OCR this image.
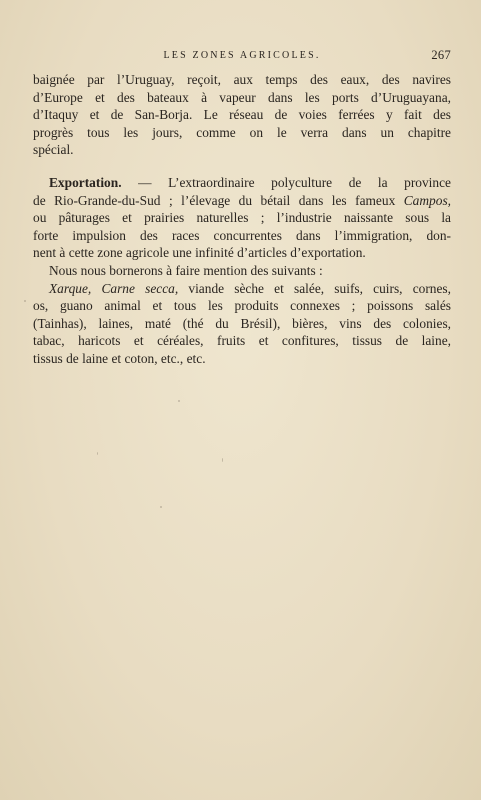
LES ZONES AGRICOLES.	267
baignée par l’Uruguay, reçoit, aux temps des eaux, des navires
d’Europe et des bateaux à vapeur dans les ports d’Uruguayana,
d’Itaquy et de San-Borja. Le réseau de voies ferrées y fait des
progrès tous les jours, comme on le verra dans un chapitre
spécial.
Exportation. — L’extraordinaire polyculture de la province
de Rio-Grande-du-Sud ; l’élevage du bétail dans les fameux Campos,
ou pâturages et prairies naturelles ; l’industrie naissante sous la
forte impulsion des races concurrentes dans l’immigration, don-
nent à cette zone agricole une infinité d’articles d’exportation.
Nous nous bornerons à faire mention des suivants :
Xarque, Carne secca, viande sèche et salée, suifs, cuirs, cornes,
os, guano animal et tous les produits connexes ; poissons salés
(Tainhas), laines, maté (thé du Brésil), bières, vins des colonies,
tabac, haricots et céréales, fruits et confitures, tissus de laine,
tissus de laine et coton, etc., etc.
